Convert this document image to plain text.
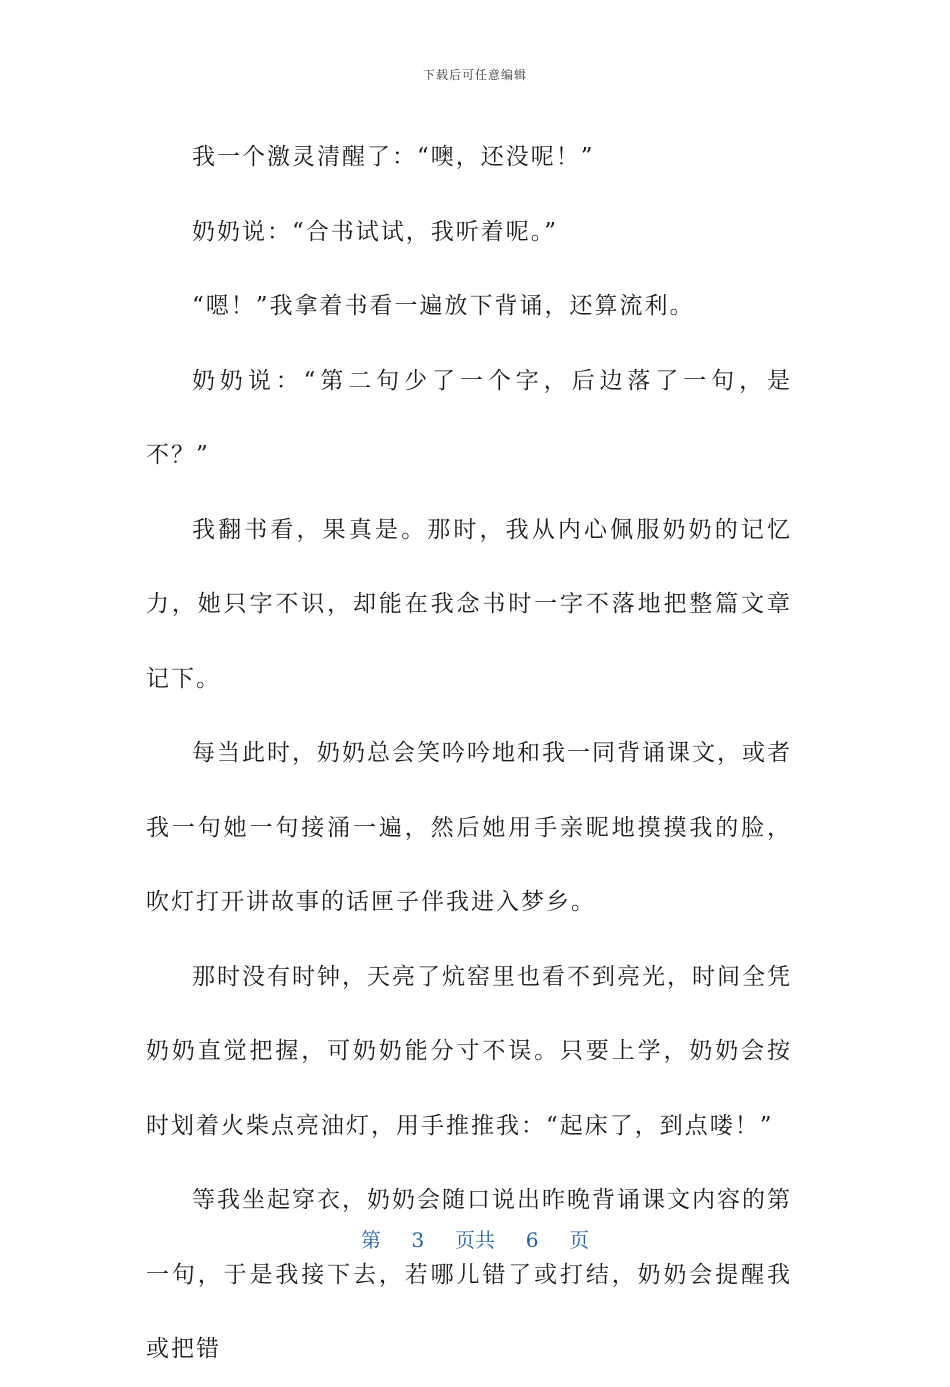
下载后可任意编辑

我一个激灵清醒了：“噢，还没呢！”

奶奶说：“合书试试，我听着呢。”

“嗯！”我拿着书看一遍放下背诵，还算流利。

奶奶说：“第二句少了一个字，后边落了一句，是不？”

我翻书看，果真是。那时，我从内心佩服奶奶的记忆力，她只字不识，却能在我念书时一字不落地把整篇文章记下。

每当此时，奶奶总会笑吟吟地和我一同背诵课文，或者我一句她一句接涌一遍，然后她用手亲昵地摸摸我的脸，吹灯打开讲故事的话匣子伴我进入梦乡。

那时没有时钟，天亮了炕窑里也看不到亮光，时间全凭奶奶直觉把握，可奶奶能分寸不误。只要上学，奶奶会按时划着火柴点亮油灯，用手推推我：“起床了，到点喽！”

等我坐起穿衣，奶奶会随口说出昨晚背诵课文内容的第一句，于是我接下去，若哪儿错了或打结，奶奶会提醒我或把错

第 3 页共 6 页
